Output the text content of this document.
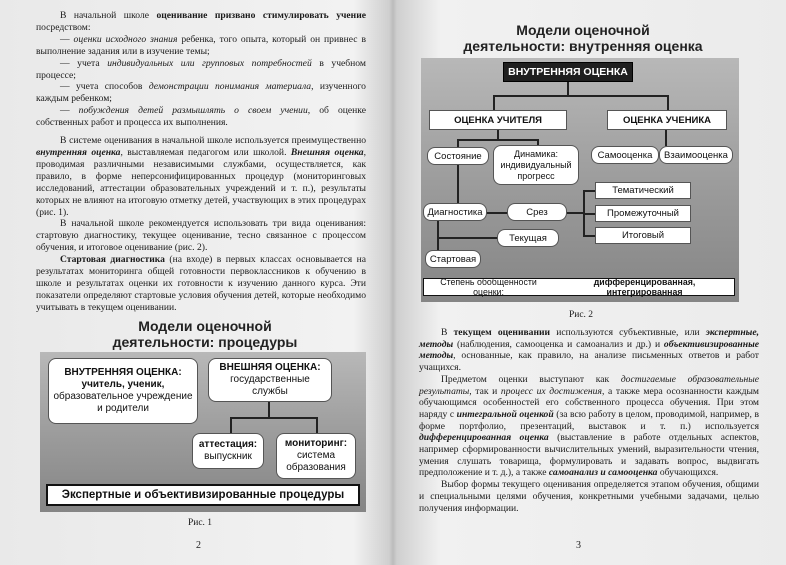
В начальной школе оценивание призвано стимулировать учение посредством:

— оценки исходного знания ребенка, того опыта, который он привнес в выполнение задания или в изучение темы;

— учета индивидуальных или групповых потребностей в учебном процессе;

— учета способов демонстрации понимания материала, изученного каждым ребенком;

— побуждения детей размышлять о своем учении, об оценке собственных работ и процесса их выполнения.

В системе оценивания в начальной школе используется преимущественно внутренняя оценка, выставляемая педагогом или школой. Внешняя оценка, проводимая различными независимыми службами, осуществляется, как правило, в форме неперсонифицированных процедур (мониторинговых исследований, аттестации образовательных учреждений и т. п.), результаты которых не влияют на итоговую отметку детей, участвующих в этих процедурах (рис. 1).

В начальной школе рекомендуется использовать три вида оценивания: стартовую диагностику, текущее оценивание, тесно связанное с процессом обучения, и итоговое оценивание (рис. 2).

Стартовая диагностика (на входе) в первых классах основывается на результатах мониторинга общей готовности первоклассников к обучению в школе и результатах оценки их готовности к изучению данного курса. Эти показатели определяют стартовые условия обучения детей, которые необходимо учитывать в текущем оценивании.

Модели оценочной
деятельности: процедуры
ВНУТРЕННЯЯ ОЦЕНКА:
учитель, ученик,
образовательное учреждение
и родители
ВНЕШНЯЯ ОЦЕНКА:
государственные
службы
аттестация:
выпускник
мониторинг:
система
образования
Экспертные и объективизированные процедуры
Рис. 1
2
Модели оценочной
деятельности: внутренняя оценка
ВНУТРЕННЯЯ ОЦЕНКА
ОЦЕНКА УЧИТЕЛЯ	ОЦЕНКА УЧЕНИКА
Состояние	Динамика:
индивидуальный
прогресс
Самооценка Взаимооценка
Диагностика	Срез
Текущая
Стартовая
Тематический
Промежуточный
Итоговый
Степень обобщенности оценки:
дифференцированная, интегрированная
Рис. 2

В текущем оценивании используются субъективные, или экспертные, методы (наблюдения, самооценка и самоанализ и др.) и объективизированные методы, основанные, как правило, на анализе письменных ответов и работ учащихся.

Предметом оценки выступают как достигаемые образовательные результаты, так и процесс их достижения, а также мера осознанности каждым обучающимся особенностей его собственного процесса обучения. При этом наряду с интегральной оценкой (за всю работу в целом, проводимой, например, в форме портфолио, презентаций, выставок и т. п.) используется дифференцированная оценка (выставление в работе отдельных аспектов, например сформированности вычислительных умений, выразительности чтения, умения слушать товарища, формулировать и задавать вопрос, выдвигать предположение и т. д.), а также самоанализ и самооценка обучающихся.

Выбор формы текущего оценивания определяется этапом обучения, общими и специальными целями обучения, конкретными учебными задачами, целью получения информации.

3
